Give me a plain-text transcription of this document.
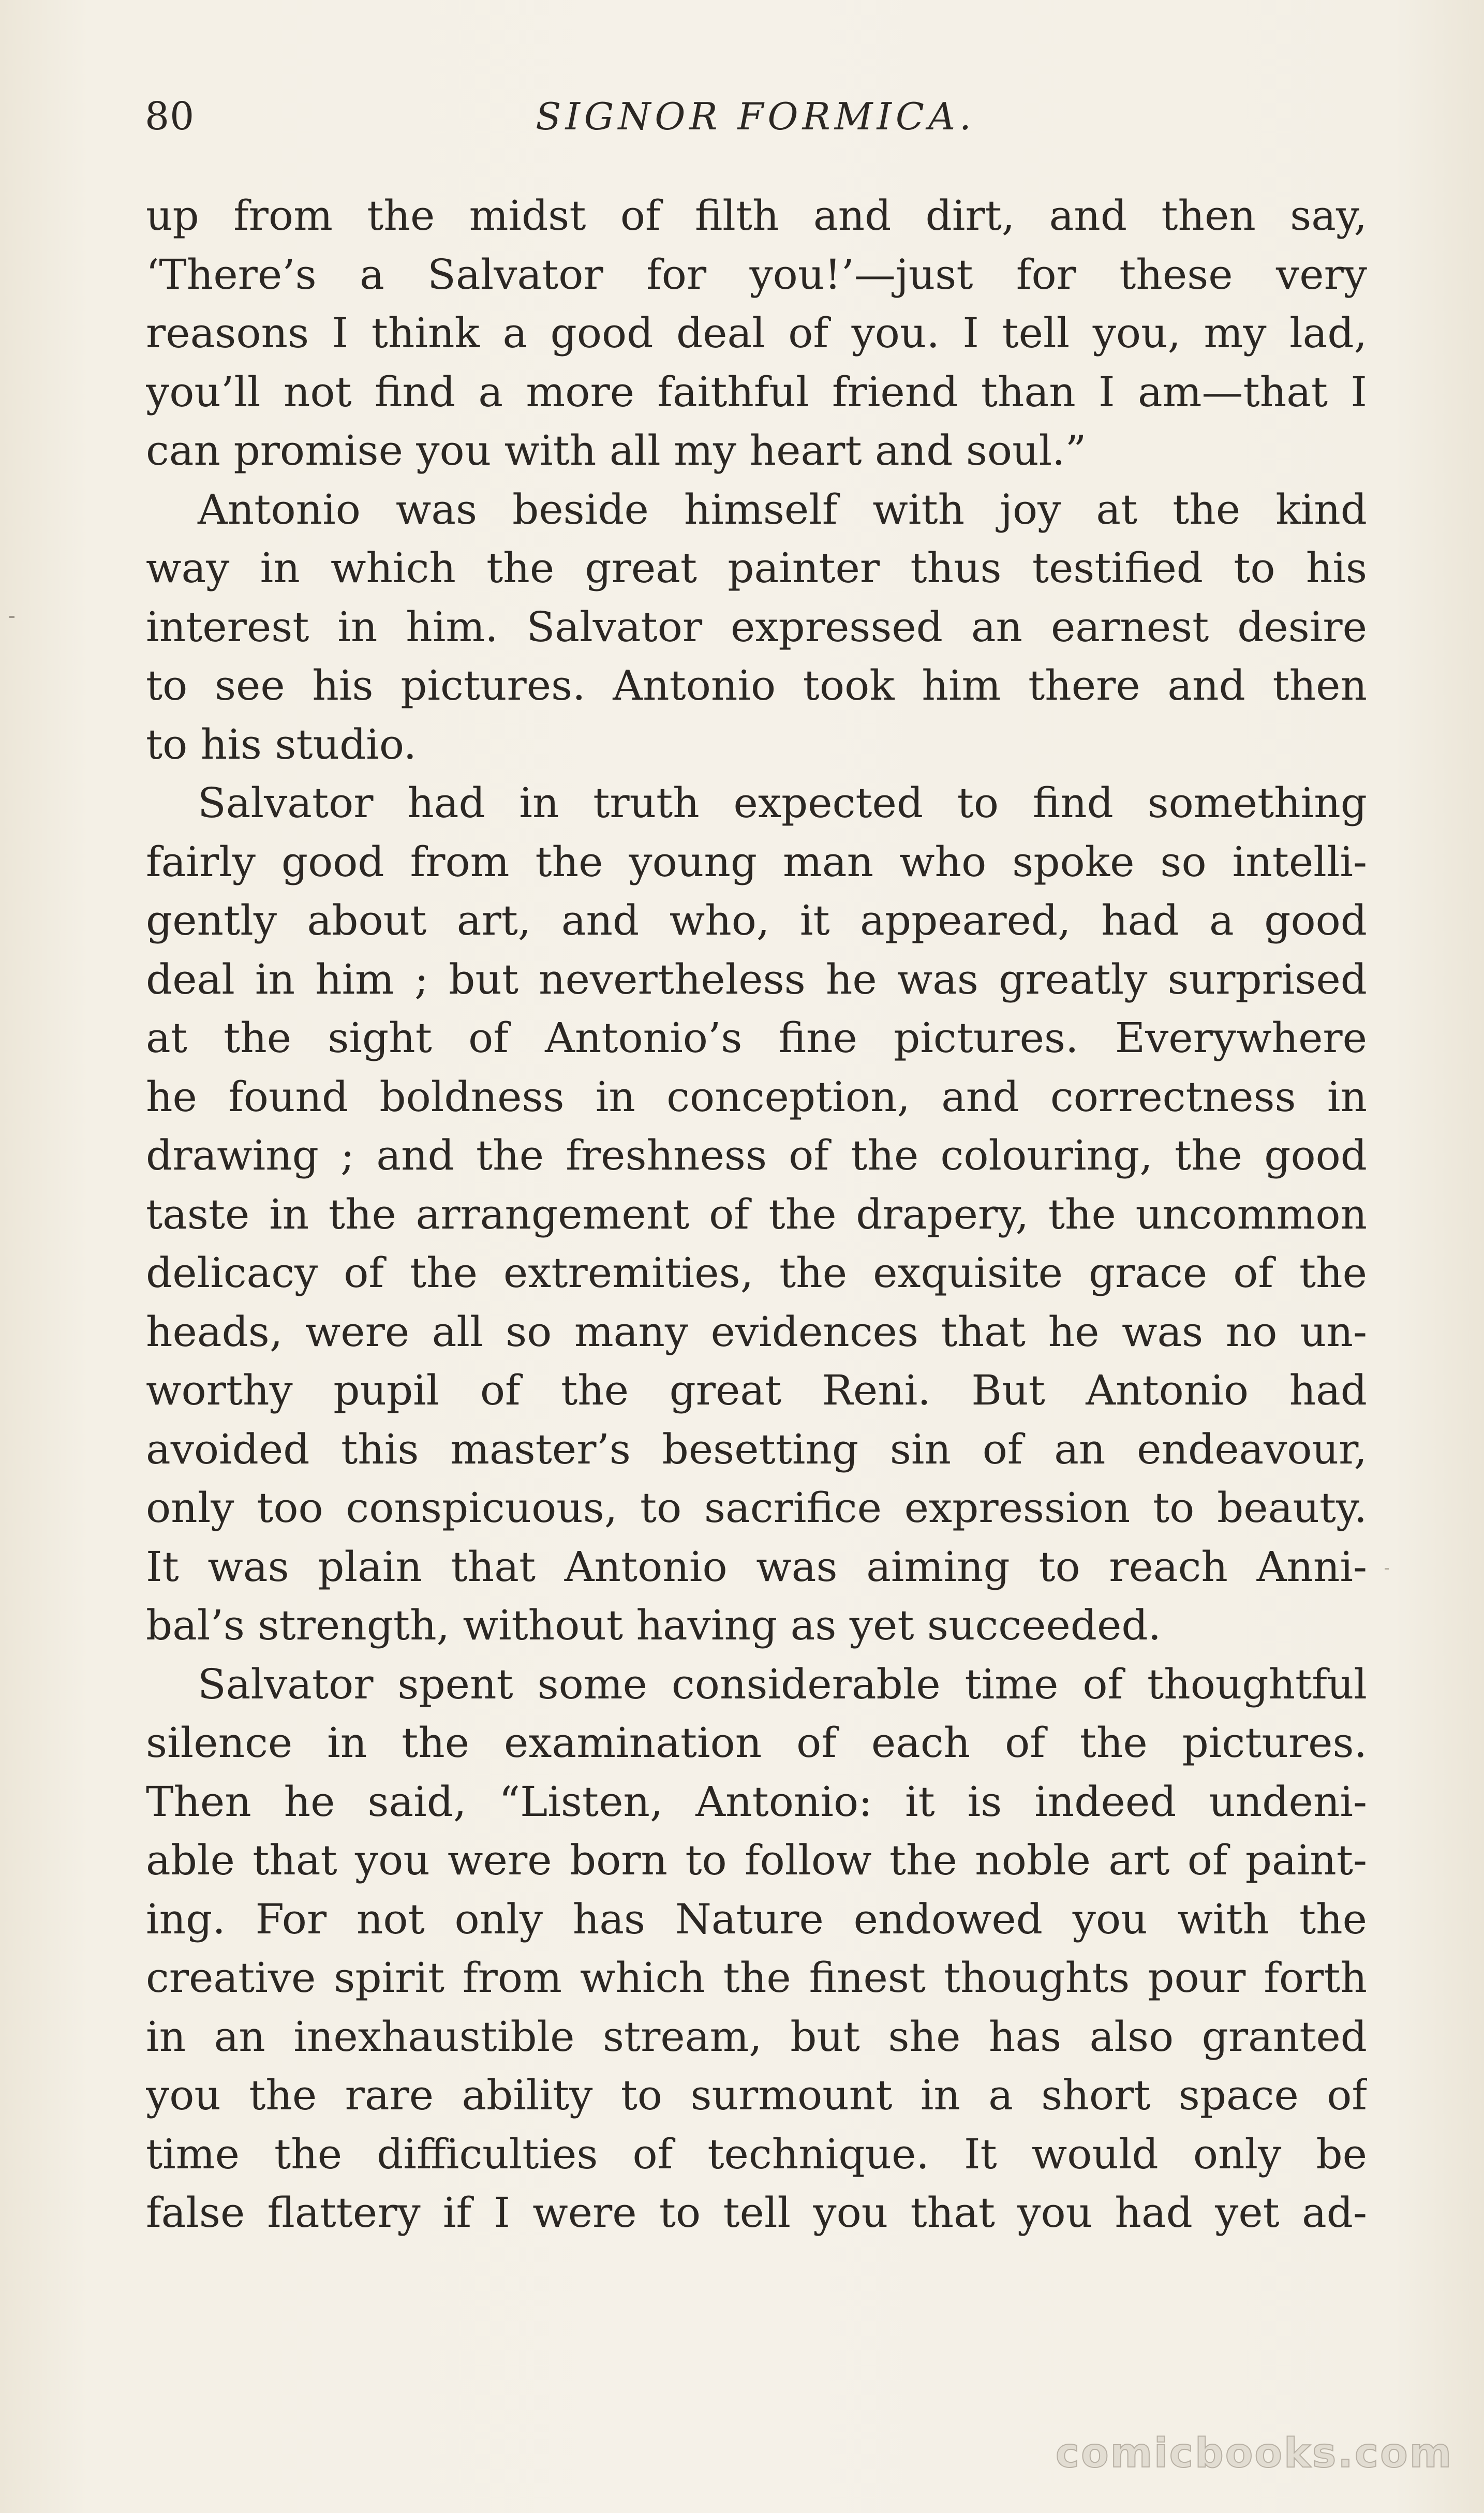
80	SIGNOR FORMICA.
up from the midst of filth and dirt, and then say,
‘There’s a Salvator for you!’—just for these very
reasons I think a good deal of you. I tell you, my lad,
you’ll not find a more faithful friend than I am—that I
can promise you with all my heart and soul.”
Antonio was beside himself with joy at the kind
way in which the great painter thus testified to his
interest in him. Salvator expressed an earnest desire
to see his pictures. Antonio took him there and then
to his studio.
Salvator had in truth expected to find something
fairly good from the young man who spoke so intelli-
gently about art, and who, it appeared, had a good
deal in him ; but nevertheless he was greatly surprised
at the sight of Antonio’s fine pictures. Everywhere
he found boldness in conception, and correctness in
drawing ; and the freshness of the colouring, the good
taste in the arrangement of the drapery, the uncommon
delicacy of the extremities, the exquisite grace of the
heads, were all so many evidences that he was no un-
worthy pupil of the great Reni. But Antonio had
avoided this master’s besetting sin of an endeavour,
only too conspicuous, to sacrifice expression to beauty.
It was plain that Antonio was aiming to reach Anni-
bal’s strength, without having as yet succeeded.
Salvator spent some considerable time of thoughtful
silence in the examination of each of the pictures.
Then he said, “Listen, Antonio: it is indeed undeni-
able that you were born to follow the noble art of paint-
ing. For not only has Nature endowed you with the
creative spirit from which the finest thoughts pour forth
in an inexhaustible stream, but she has also granted
you the rare ability to surmount in a short space of
time the difficulties of technique. It would only be
false flattery if I were to tell you that you had yet ad-
comicbooks.com
